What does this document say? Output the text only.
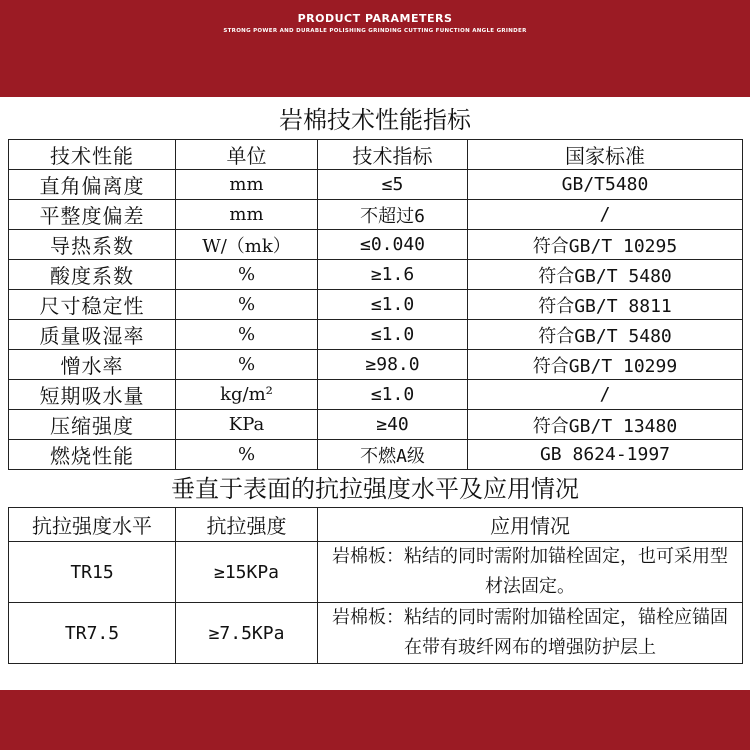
PRODUCT PARAMETERS
STRONG POWER AND DURABLE POLISHING GRINDING CUTTING FUNCTION ANGLE GRINDER
岩棉技术性能指标
技术性能	单位	技术指标	国家标准
直角偏离度	mm	≤5	GB/T5480
平整度偏差	mm	不超过6	/
导热系数	W/（mk）	≤0.040	符合GB/T 10295
酸度系数	%	≥1.6	符合GB/T 5480
尺寸稳定性	%	≤1.0	符合GB/T 8811
质量吸湿率	%	≤1.0	符合GB/T 5480
憎水率	%	≥98.0	符合GB/T 10299
短期吸水量	kg/m²	≤1.0	/
压缩强度	KPa	≥40	符合GB/T 13480
燃烧性能	%	不燃A级	GB 8624-1997
垂直于表面的抗拉强度水平及应用情况
抗拉强度水平	抗拉强度	应用情况
TR15	≥15KPa	岩棉板：粘结的同时需附加锚栓固定，也可采用型材法固定。
TR7.5	≥7.5KPa	岩棉板：粘结的同时需附加锚栓固定，锚栓应锚固在带有玻纤网布的增强防护层上
